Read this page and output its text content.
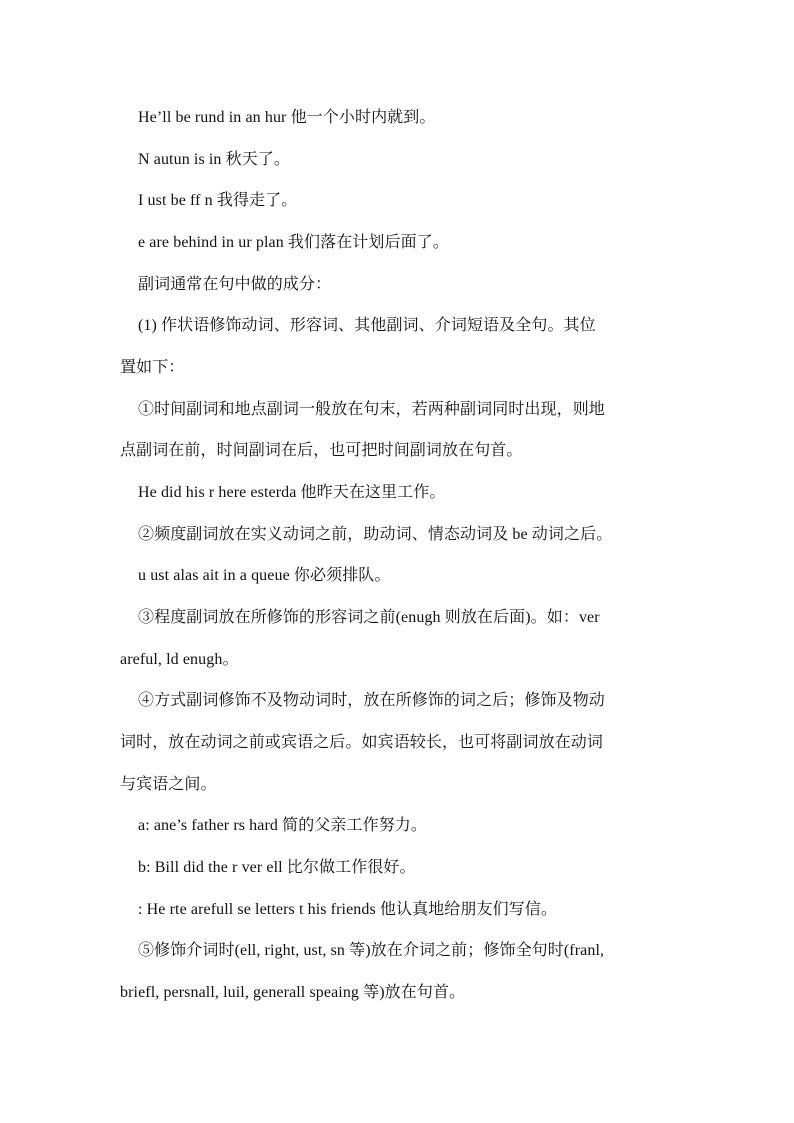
He’ll be rund in an hur 他一个小时内就到。
N autun is in 秋天了。
I ust be ff n 我得走了。
e are behind in ur plan 我们落在计划后面了。
副词通常在句中做的成分：
(1) 作状语修饰动词、形容词、其他副词、介词短语及全句。其位
置如下：
①时间副词和地点副词一般放在句末，若两种副词同时出现，则地
点副词在前，时间副词在后，也可把时间副词放在句首。
He did his r here esterda 他昨天在这里工作。
②频度副词放在实义动词之前，助动词、情态动词及 be 动词之后。
u ust alas ait in a queue 你必须排队。
③程度副词放在所修饰的形容词之前(enugh 则放在后面)。如：ver
areful, ld enugh。
④方式副词修饰不及物动词时，放在所修饰的词之后；修饰及物动
词时，放在动词之前或宾语之后。如宾语较长，也可将副词放在动词
与宾语之间。
a: ane’s father rs hard 简的父亲工作努力。
b: Bill did the r ver ell 比尔做工作很好。
: He rte arefull se letters t his friends 他认真地给朋友们写信。
⑤修饰介词时(ell, right, ust, sn 等)放在介词之前；修饰全句时(franl,
briefl, persnall, luil, generall speaing 等)放在句首。
